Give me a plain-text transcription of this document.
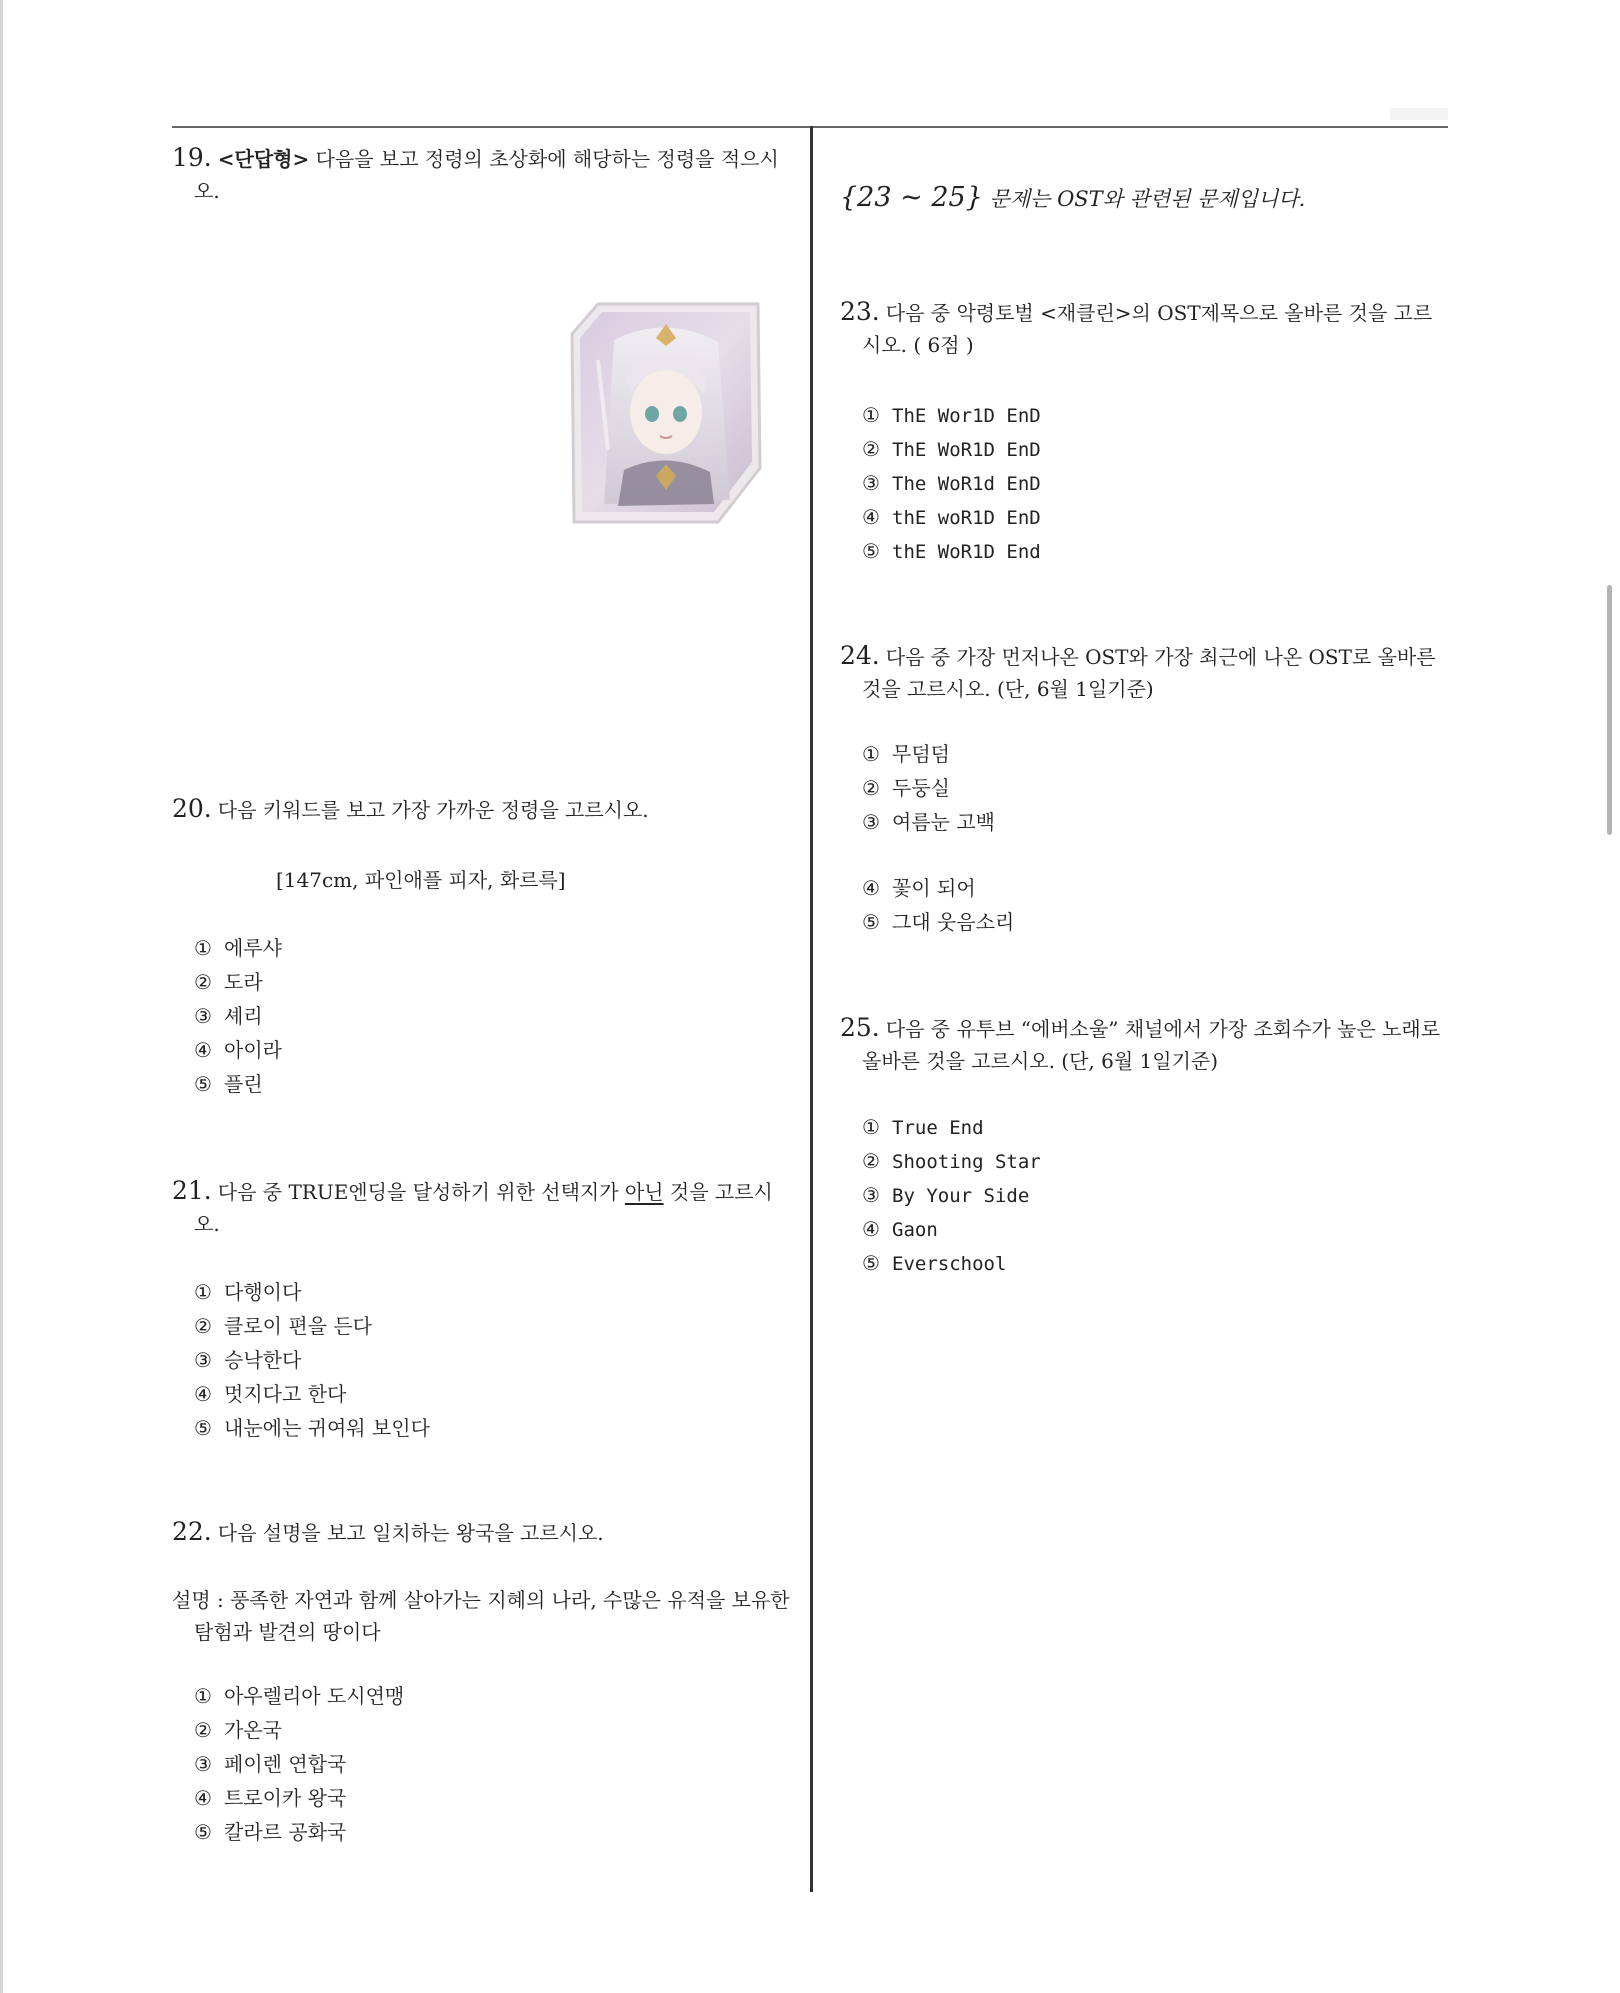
19. <단답형> 다음을 보고 정령의 초상화에 해당하는 정령을 적으시오.
20. 다음 키워드를 보고 가장 가까운 정령을 고르시오.
[147cm, 파인애플 피자, 화르륵]
① 에루샤
② 도라
③ 셰리
④ 아이라
⑤ 플린
21. 다음 중 TRUE엔딩을 달성하기 위한 선택지가 아닌 것을 고르시오.
① 다행이다
② 클로이 편을 든다
③ 승낙한다
④ 멋지다고 한다
⑤ 내눈에는 귀여워 보인다
22. 다음 설명을 보고 일치하는 왕국을 고르시오.
설명 : 풍족한 자연과 함께 살아가는 지혜의 나라, 수많은 유적을 보유한 탐험과 발견의 땅이다
① 아우렐리아 도시연맹
② 가온국
③ 페이렌 연합국
④ 트로이카 왕국
⑤ 칼라르 공화국
{23 ~ 25} 문제는 OST와 관련된 문제입니다.
23. 다음 중 악령토벌 <재클린>의 OST제목으로 올바른 것을 고르시오. ( 6점 )
① ThE Wor1D EnD
② ThE WoR1D EnD
③ The WoR1d EnD
④ thE woR1D EnD
⑤ thE WoR1D End
24. 다음 중 가장 먼저나온 OST와 가장 최근에 나온 OST로 올바른 것을 고르시오. (단, 6월 1일기준)
① 무덤덤
② 두둥실
③ 여름눈 고백
④ 꽃이 되어
⑤ 그대 웃음소리
25. 다음 중 유투브 “에버소울” 채널에서 가장 조회수가 높은 노래로 올바른 것을 고르시오. (단, 6월 1일기준)
① True End
② Shooting Star
③ By Your Side
④ Gaon
⑤ Everschool
